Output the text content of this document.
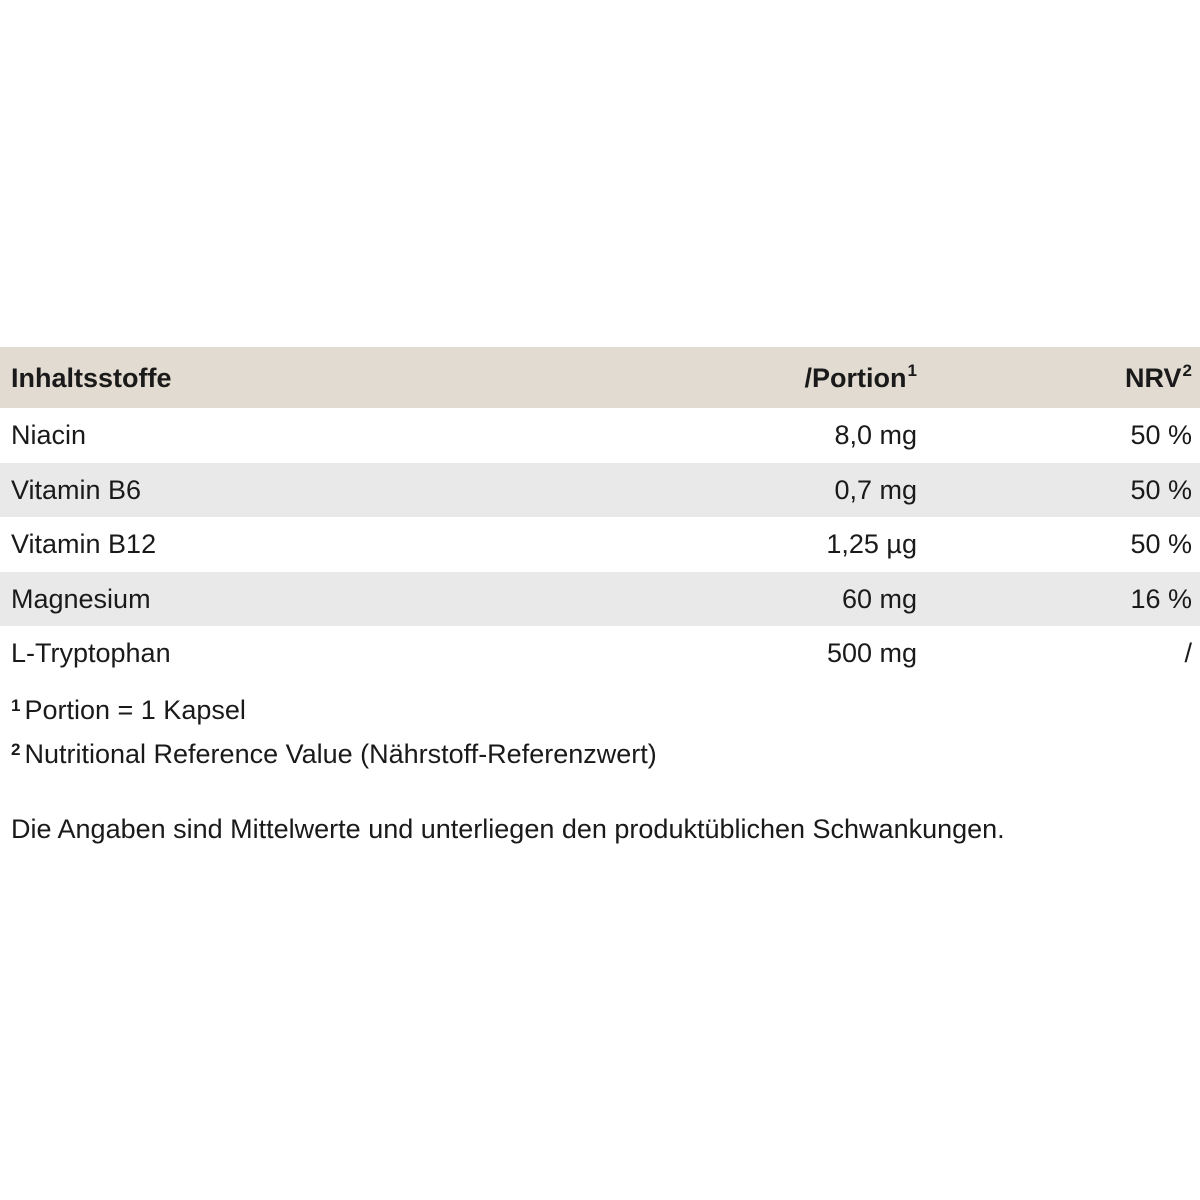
Inhaltsstoffe	/Portion$^1$	NRV$^2$
Niacin	8,0 mg	50 %
Vitamin B6	0,7 mg	50 %
Vitamin B12	1,25 µg	50 %
Magnesium	60 mg	16 %
L-Tryptophan	500 mg	/
$^1$ Portion = 1 Kapsel
$^2$ Nutritional Reference Value (Nährstoff-Referenzwert)
Die Angaben sind Mittelwerte und unterliegen den produktüblichen Schwankungen.
